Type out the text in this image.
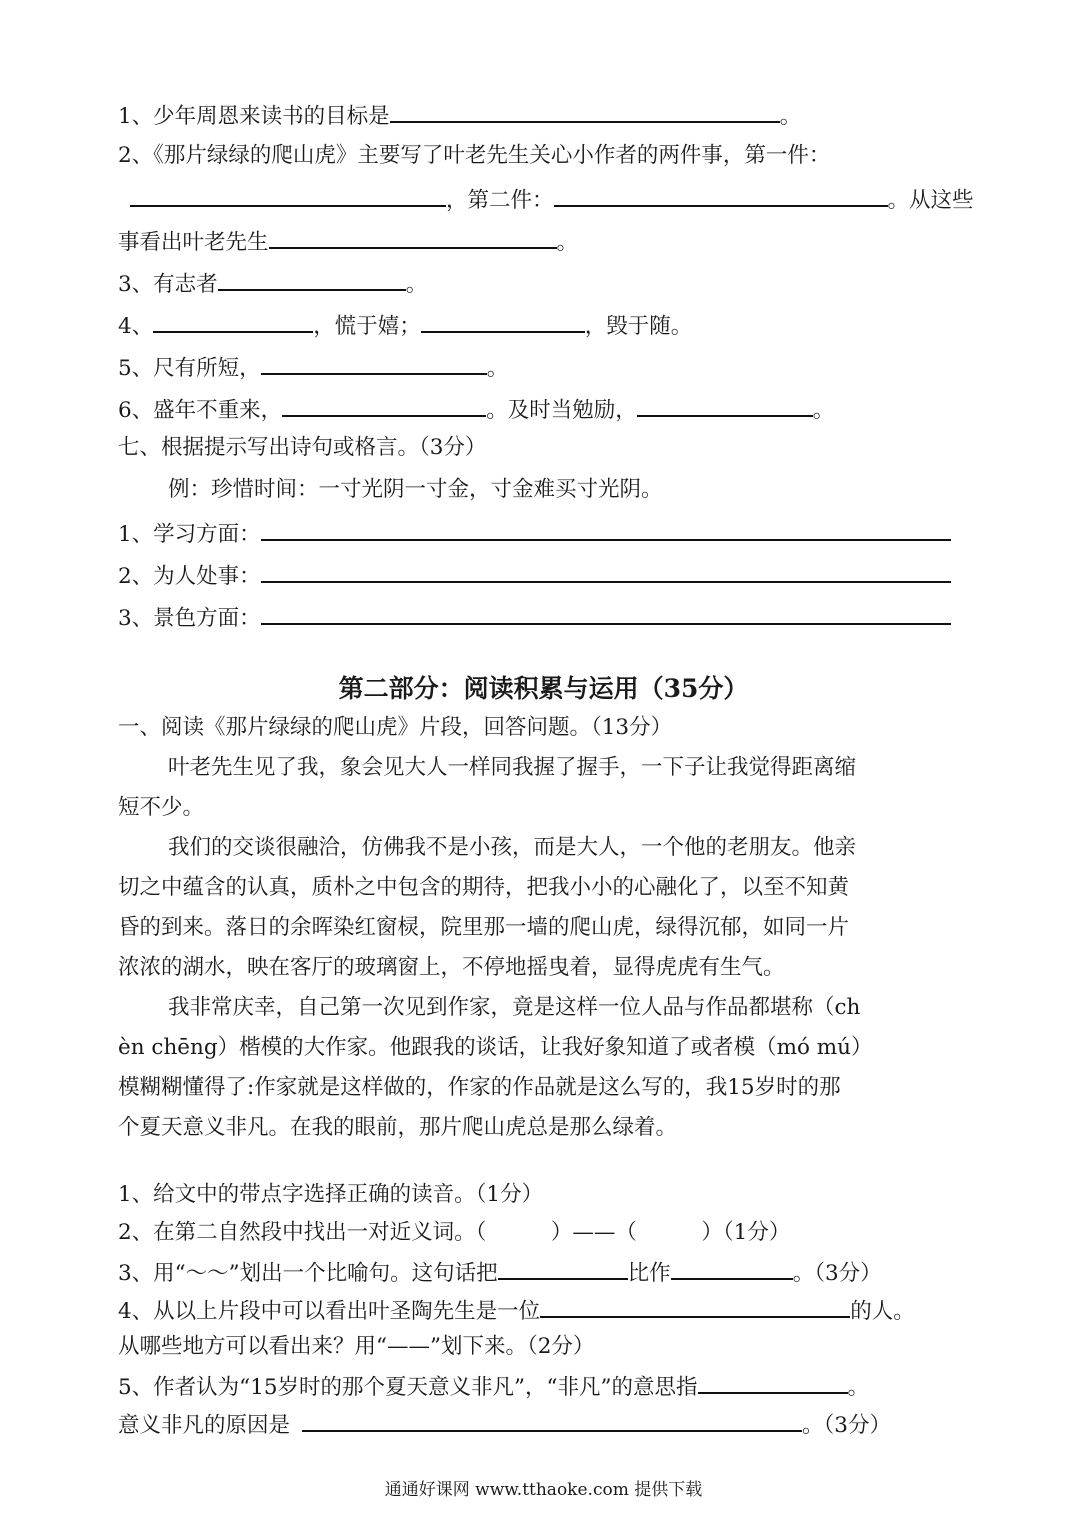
1、少年周恩来读书的目标是	。
2、《那片绿绿的爬山虎》主要写了叶老先生关心小作者的两件事，第一件：
，第二件：	。从这些
事看出叶老先生	。
3、有志者	。
4、	，慌于嬉；	，毁于随。
5、尺有所短，	。
6、盛年不重来，	。及时当勉励，	。
七、根据提示写出诗句或格言。（3分）
例：珍惜时间：一寸光阴一寸金，寸金难买寸光阴。
1、学习方面：
2、为人处事：
3、景色方面：
第二部分：阅读积累与运用（35分）
一、阅读《那片绿绿的爬山虎》片段，回答问题。（13分）
叶老先生见了我，象会见大人一样同我握了握手，一下子让我觉得距离缩
短不少。
我们的交谈很融洽，仿佛我不是小孩，而是大人，一个他的老朋友。他亲
切之中蕴含的认真，质朴之中包含的期待，把我小小的心融化了，以至不知黄
昏的到来。落日的余晖染红窗棂，院里那一墙的爬山虎，绿得沉郁，如同一片
浓浓的湖水，映在客厅的玻璃窗上，不停地摇曳着，显得虎虎有生气。
我非常庆幸，自己第一次见到作家，竟是这样一位人品与作品都堪称（ch
èn chēng）楷模的大作家。他跟我的谈话，让我好象知道了或者模（mó mú）
模糊糊懂得了:作家就是这样做的，作家的作品就是这么写的，我15岁时的那
个夏天意义非凡。在我的眼前，那片爬山虎总是那么绿着。
1、给文中的带点字选择正确的读音。（1分）
2、在第二自然段中找出一对近义词。（　　　）——（　　　）（1分）
3、用“～～”划出一个比喻句。这句话把	比作	。（3分）
4、从以上片段中可以看出叶圣陶先生是一位	的人。
从哪些地方可以看出来？用“——”划下来。（2分）
5、作者认为“15岁时的那个夏天意义非凡”，“非凡”的意思指	。
意义非凡的原因是	。（3分）
通通好课网 www.tthaoke.com 提供下载
